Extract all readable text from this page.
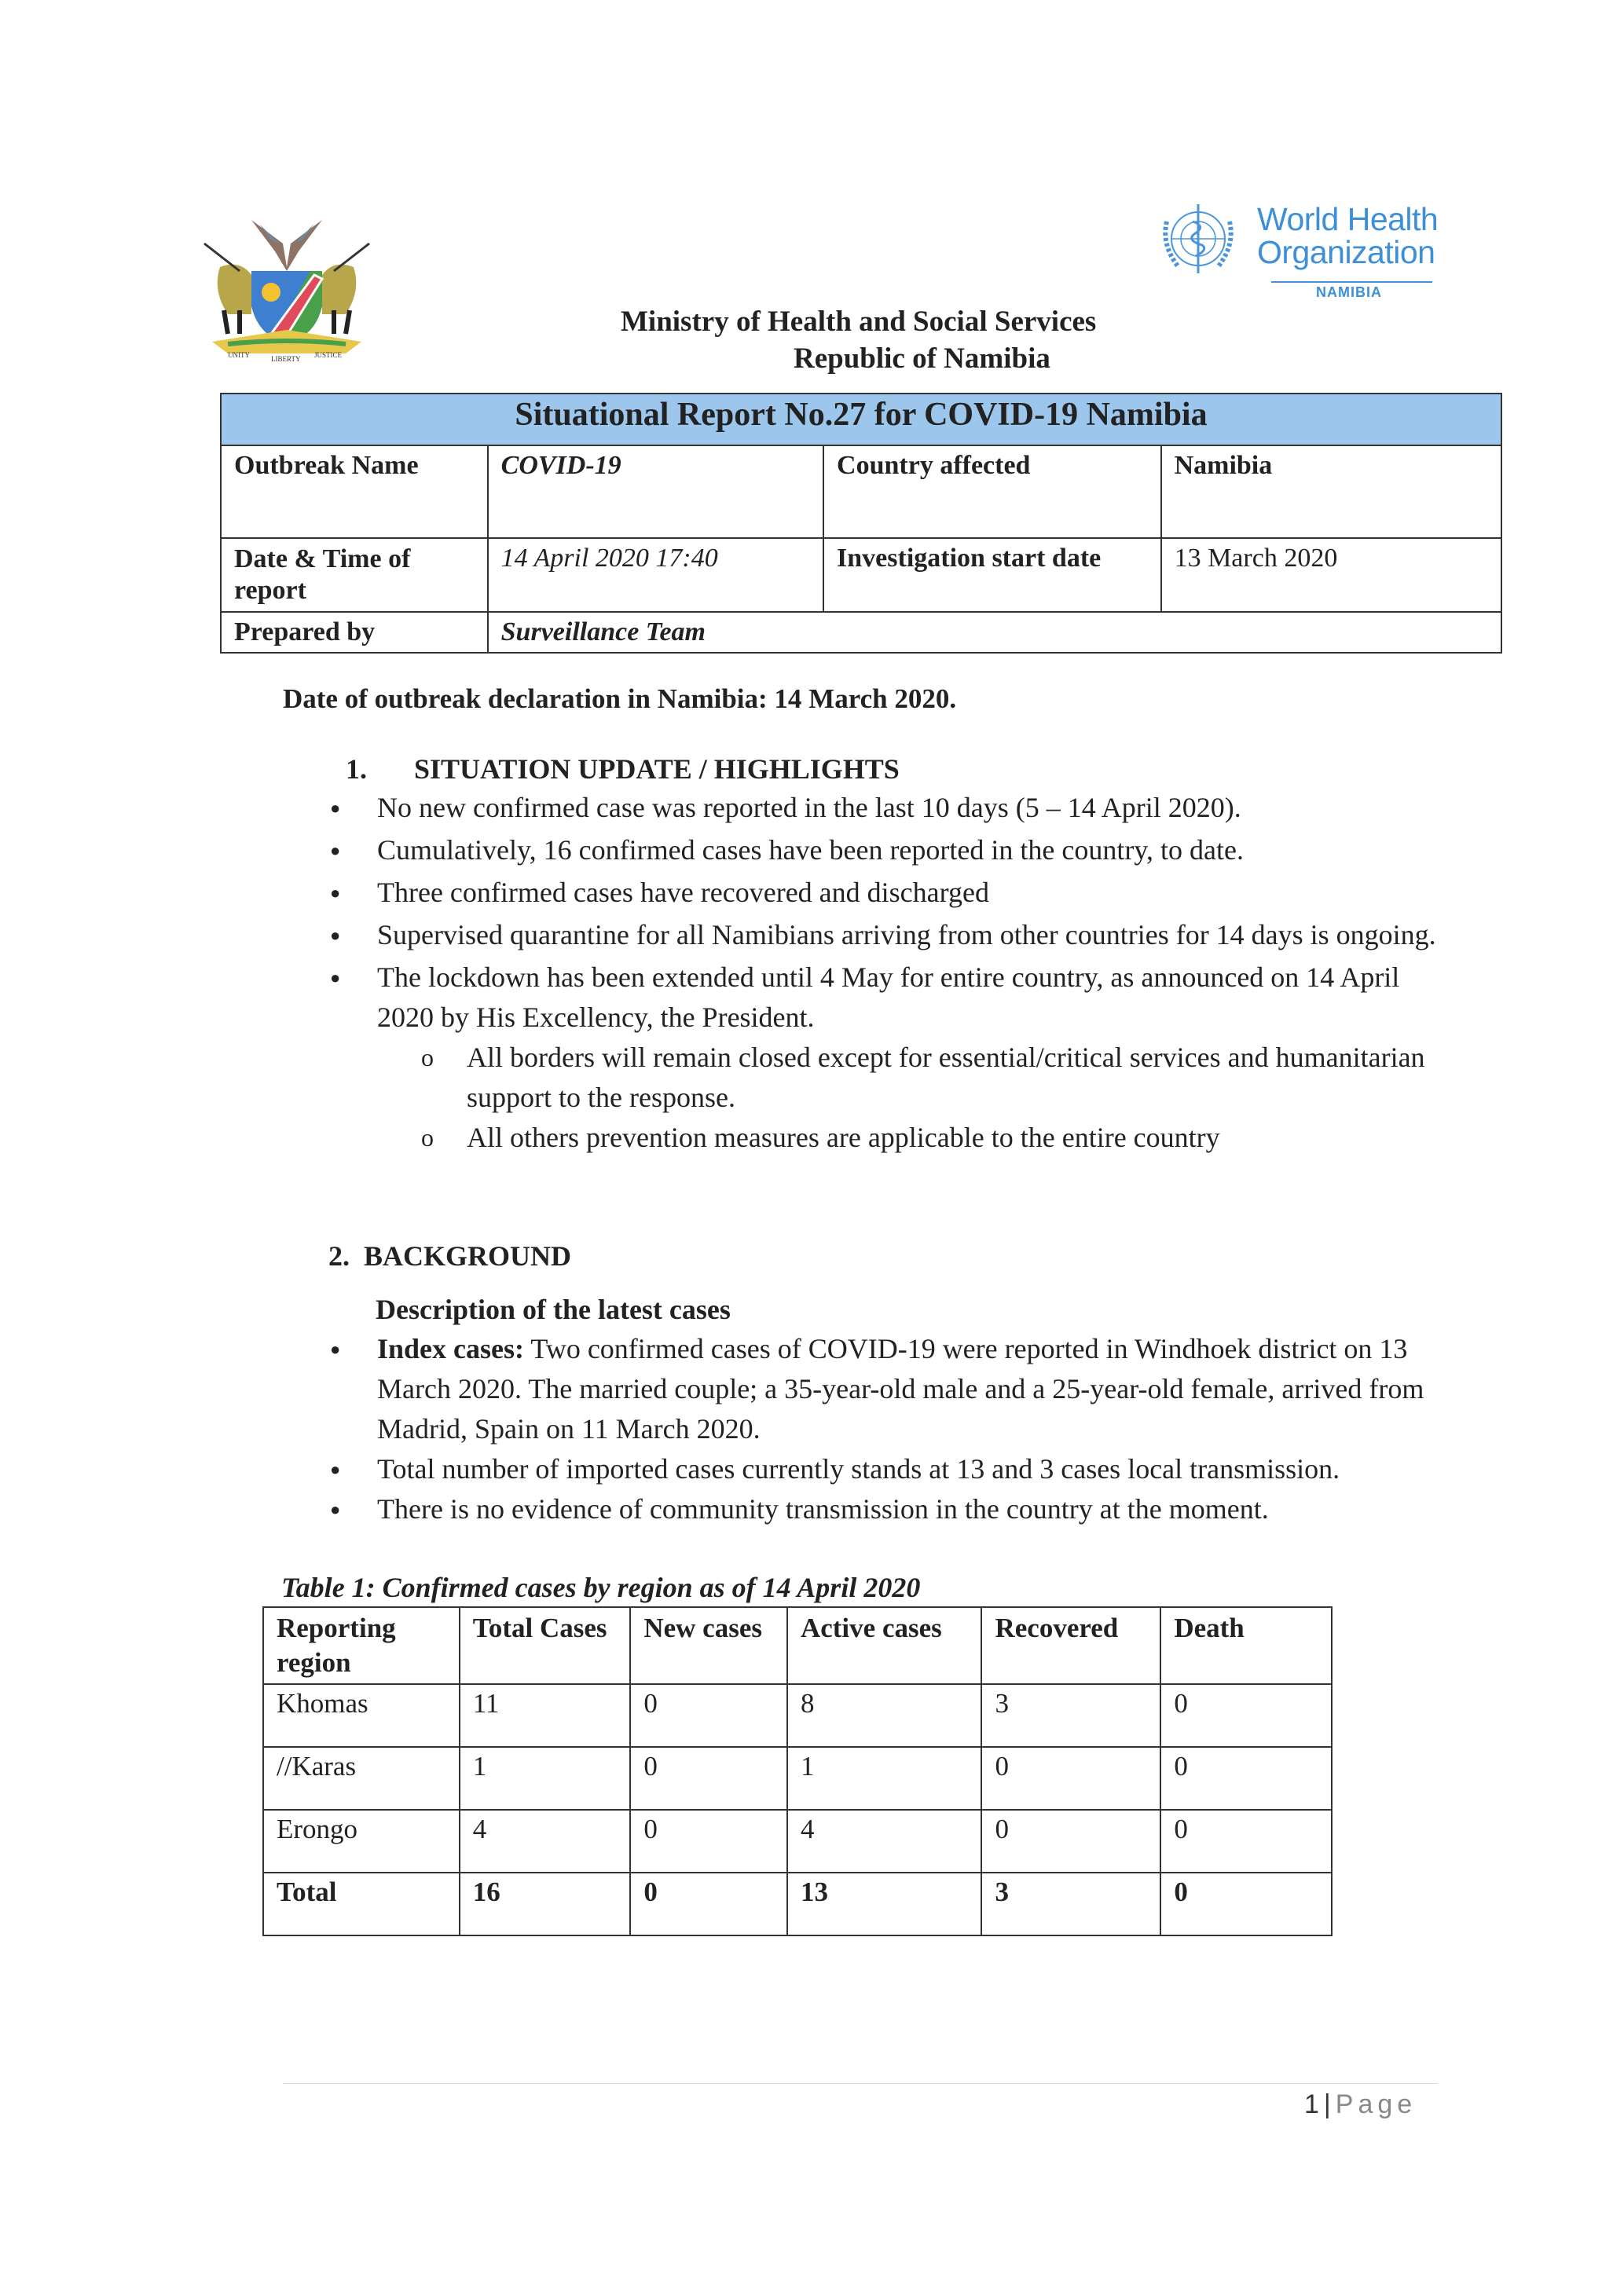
UNITY	LIBERTY JUSTICE
World Health
Organization
NAMIBIA
Ministry of Health and Social Services
Republic of Namibia
Situational Report No.27 for COVID-19 Namibia			
Outbreak Name	COVID-19	Country affected	Namibia
Date & Time of report	14 April 2020 17:40	Investigation start date	13 March 2020
Prepared by	Surveillance Team		
Date of outbreak declaration in Namibia: 14 March 2020.
1. SITUATION UPDATE / HIGHLIGHTS
● No new confirmed case was reported in the last 10 days (5 – 14 April 2020).
● Cumulatively, 16 confirmed cases have been reported in the country, to date.
● Three confirmed cases have recovered and discharged
● Supervised quarantine for all Namibians arriving from other countries for 14 days is ongoing.
● The lockdown has been extended until 4 May for entire country, as announced on 14 April 2020 by His Excellency, the President.
o All borders will remain closed except for essential/critical services and humanitarian support to the response.
o All others prevention measures are applicable to the entire country
2. BACKGROUND
Description of the latest cases
● Index cases: Two confirmed cases of COVID-19 were reported in Windhoek district on 13 March 2020. The married couple; a 35-year-old male and a 25-year-old female, arrived from Madrid, Spain on 11 March 2020.
● Total number of imported cases currently stands at 13 and 3 cases local transmission.
● There is no evidence of community transmission in the country at the moment.
Table 1: Confirmed cases by region as of 14 April 2020
Reporting region	Total Cases	New cases	Active cases	Recovered	Death
Khomas	11	0	8	3	0
//Karas	1	0	1	0	0
Erongo	4	0	4	0	0
Total	16	0	13	3	0
1 | Page
